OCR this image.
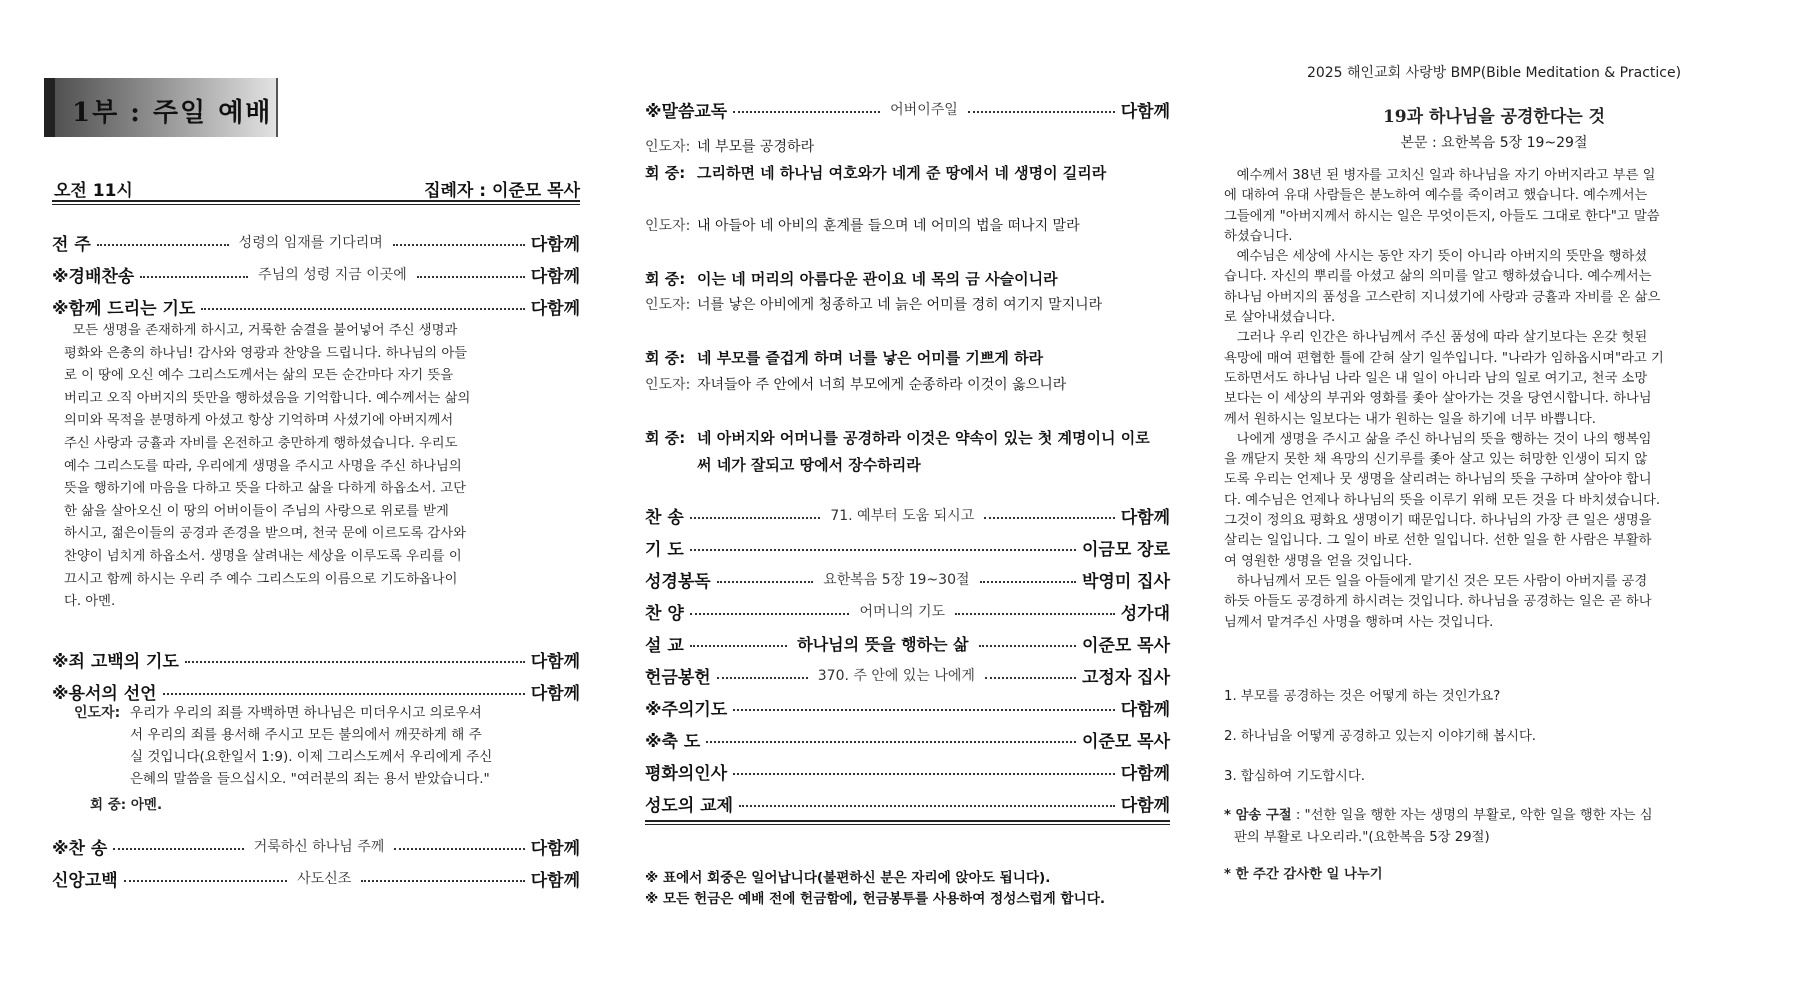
1부 : 주일 예배
오전 11시	집례자 : 이준모 목사
전 주	성령의 임재를 기다리며	다함께
※경배찬송	주님의 성령 지금 이곳에	다함께
※함께 드리는 기도	다함께
모든 생명을 존재하게 하시고, 거룩한 숨결을 불어넣어 주신 생명과
평화와 은총의 하나님! 감사와 영광과 찬양을 드립니다. 하나님의 아들
로 이 땅에 오신 예수 그리스도께서는 삶의 모든 순간마다 자기 뜻을
버리고 오직 아버지의 뜻만을 행하셨음을 기억합니다. 예수께서는 삶의
의미와 목적을 분명하게 아셨고 항상 기억하며 사셨기에 아버지께서
주신 사랑과 긍휼과 자비를 온전하고 충만하게 행하셨습니다. 우리도
예수 그리스도를 따라, 우리에게 생명을 주시고 사명을 주신 하나님의
뜻을 행하기에 마음을 다하고 뜻을 다하고 삶을 다하게 하옵소서. 고단
한 삶을 살아오신 이 땅의 어버이들이 주님의 사랑으로 위로를 받게
하시고, 젊은이들의 공경과 존경을 받으며, 천국 문에 이르도록 감사와
찬양이 넘치게 하옵소서. 생명을 살려내는 세상을 이루도록 우리를 이
끄시고 함께 하시는 우리 주 예수 그리스도의 이름으로 기도하옵나이
다. 아멘.
※죄 고백의 기도	다함께
※용서의 선언	다함께
인도자: 우리가 우리의 죄를 자백하면 하나님은 미더우시고 의로우셔
서 우리의 죄를 용서해 주시고 모든 불의에서 깨끗하게 해 주
실 것입니다(요한일서 1:9). 이제 그리스도께서 우리에게 주신
은혜의 말씀을 들으십시오. "여러분의 죄는 용서 받았습니다."
회 중: 아멘.
※찬 송	거룩하신 하나님 주께	다함께
신앙고백	사도신조	다함께
※말씀교독	어버이주일	다함께
인도자: 네 부모를 공경하라
회 중: 그리하면 네 하나님 여호와가 네게 준 땅에서 네 생명이 길리라
인도자: 내 아들아 네 아비의 훈계를 들으며 네 어미의 법을 떠나지 말라
회 중: 이는 네 머리의 아름다운 관이요 네 목의 금 사슬이니라
인도자: 너를 낳은 아비에게 청종하고 네 늙은 어미를 경히 여기지 말지니라
회 중: 네 부모를 즐겁게 하며 너를 낳은 어미를 기쁘게 하라
인도자: 자녀들아 주 안에서 너희 부모에게 순종하라 이것이 옳으니라
회 중: 네 아버지와 어머니를 공경하라 이것은 약속이 있는 첫 계명이니 이로써 네가 잘되고 땅에서 장수하리라
찬 송	71. 예부터 도움 되시고	다함께
기 도	이금모 장로
성경봉독	요한복음 5장 19~30절	박영미 집사
찬 양	어머니의 기도	성가대
설 교	하나님의 뜻을 행하는 삶	이준모 목사
헌금봉헌	370. 주 안에 있는 나에게	고정자 집사
※주의기도	다함께
※축 도	이준모 목사
평화의인사	다함께
성도의 교제	다함께
※ 표에서 회중은 일어납니다(불편하신 분은 자리에 앉아도 됩니다).
※ 모든 헌금은 예배 전에 헌금함에, 헌금봉투를 사용하여 정성스럽게 합니다.
2025 해인교회 사랑방 BMP(Bible Meditation & Practice)
19과 하나님을 공경한다는 것
본문 : 요한복음 5장 19~29절
예수께서 38년 된 병자를 고치신 일과 하나님을 자기 아버지라고 부른 일
에 대하여 유대 사람들은 분노하여 예수를 죽이려고 했습니다. 예수께서는
그들에게 "아버지께서 하시는 일은 무엇이든지, 아들도 그대로 한다"고 말씀
하셨습니다.
예수님은 세상에 사시는 동안 자기 뜻이 아니라 아버지의 뜻만을 행하셨
습니다. 자신의 뿌리를 아셨고 삶의 의미를 알고 행하셨습니다. 예수께서는
하나님 아버지의 품성을 고스란히 지니셨기에 사랑과 긍휼과 자비를 온 삶으
로 살아내셨습니다.
그러나 우리 인간은 하나님께서 주신 품성에 따라 살기보다는 온갖 헛된
욕망에 매여 편협한 틀에 갇혀 살기 일쑤입니다. "나라가 임하옵시며"라고 기
도하면서도 하나님 나라 일은 내 일이 아니라 남의 일로 여기고, 천국 소망
보다는 이 세상의 부귀와 영화를 좇아 살아가는 것을 당연시합니다. 하나님
께서 원하시는 일보다는 내가 원하는 일을 하기에 너무 바쁩니다.
나에게 생명을 주시고 삶을 주신 하나님의 뜻을 행하는 것이 나의 행복임
을 깨닫지 못한 채 욕망의 신기루를 좇아 살고 있는 허망한 인생이 되지 않
도록 우리는 언제나 뭇 생명을 살리려는 하나님의 뜻을 구하며 살아야 합니
다. 예수님은 언제나 하나님의 뜻을 이루기 위해 모든 것을 다 바치셨습니다.
그것이 정의요 평화요 생명이기 때문입니다. 하나님의 가장 큰 일은 생명을
살리는 일입니다. 그 일이 바로 선한 일입니다. 선한 일을 한 사람은 부활하
여 영원한 생명을 얻을 것입니다.
하나님께서 모든 일을 아들에게 맡기신 것은 모든 사람이 아버지를 공경
하듯 아들도 공경하게 하시려는 것입니다. 하나님을 공경하는 일은 곧 하나
님께서 맡겨주신 사명을 행하며 사는 것입니다.
1. 부모를 공경하는 것은 어떻게 하는 것인가요?
2. 하나님을 어떻게 공경하고 있는지 이야기해 봅시다.
3. 합심하여 기도합시다.
* 암송 구절 : "선한 일을 행한 자는 생명의 부활로, 악한 일을 행한 자는 심
판의 부활로 나오리라."(요한복음 5장 29절)
* 한 주간 감사한 일 나누기
